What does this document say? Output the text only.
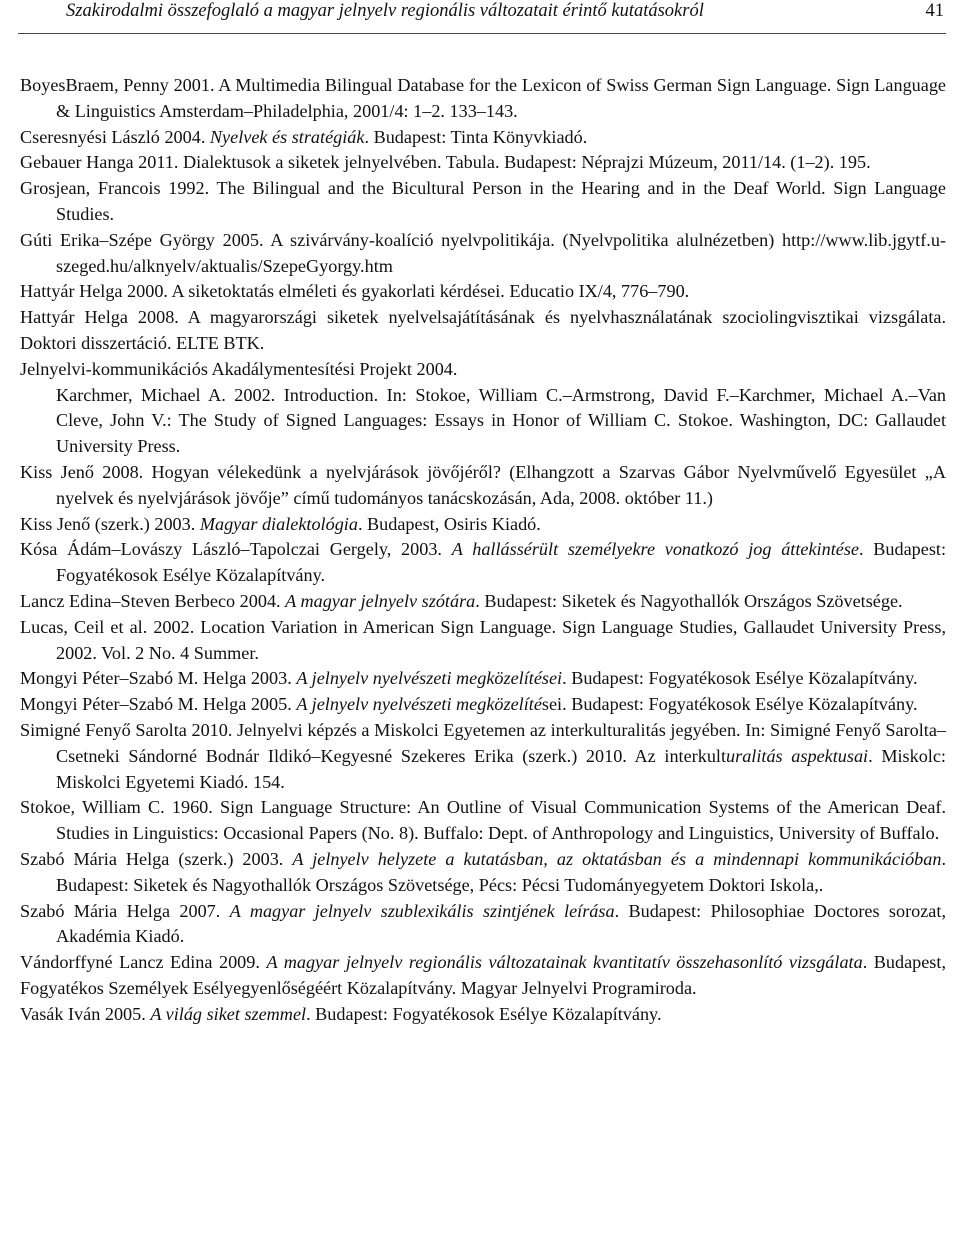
Szakirodalmi összefoglaló a magyar jelnyelv regionális változatait érintő kutatásokról	41
BoyesBraem, Penny 2001. A Multimedia Bilingual Database for the Lexicon of Swiss German Sign Language. Sign Language & Linguistics Amsterdam–Philadelphia, 2001/4: 1–2. 133–143.
Cseresnyési László 2004. Nyelvek és stratégiák. Budapest: Tinta Könyvkiadó.
Gebauer Hanga 2011. Dialektusok a siketek jelnyelvében. Tabula. Budapest: Néprajzi Múzeum, 2011/14. (1–2). 195.
Grosjean, Francois 1992. The Bilingual and the Bicultural Person in the Hearing and in the Deaf World. Sign Language Studies.
Gúti Erika–Szépe György 2005. A szivárvány-koalíció nyelvpolitikája. (Nyelvpolitika alulnézetben) http://www.lib.jgytf.u-szeged.hu/alknyelv/aktualis/SzepeGyorgy.htm
Hattyár Helga 2000. A siketoktatás elméleti és gyakorlati kérdései. Educatio IX/4, 776–790.
Hattyár Helga 2008. A magyarországi siketek nyelvelsajátításának és nyelvhasználatának szociolingvisztikai vizsgálata. Doktori disszertáció. ELTE BTK.
Jelnyelvi-kommunikációs Akadálymentesítési Projekt 2004.
Karchmer, Michael A. 2002. Introduction. In: Stokoe, William C.–Armstrong, David F.–Karchmer, Michael A.–Van Cleve, John V.: The Study of Signed Languages: Essays in Honor of William C. Stokoe. Washington, DC: Gallaudet University Press.
Kiss Jenő 2008. Hogyan vélekedünk a nyelvjárások jövőjéről? (Elhangzott a Szarvas Gábor Nyelvművelő Egyesület „A nyelvek és nyelvjárások jövője” című tudományos tanácskozásán, Ada, 2008. október 11.)
Kiss Jenő (szerk.) 2003. Magyar dialektológia. Budapest, Osiris Kiadó.
Kósa Ádám–Lovászy László–Tapolczai Gergely, 2003. A hallássérült személyekre vonatkozó jog áttekintése. Budapest: Fogyatékosok Esélye Közalapítvány.
Lancz Edina–Steven Berbeco 2004. A magyar jelnyelv szótára. Budapest: Siketek és Nagyothallók Országos Szövetsége.
Lucas, Ceil et al. 2002. Location Variation in American Sign Language. Sign Language Studies, Gallaudet University Press, 2002. Vol. 2 No. 4 Summer.
Mongyi Péter–Szabó M. Helga 2003. A jelnyelv nyelvészeti megközelítései. Budapest: Fogyatékosok Esélye Közalapítvány.
Mongyi Péter–Szabó M. Helga 2005. A jelnyelv nyelvészeti megközelítései. Budapest: Fogyatékosok Esélye Közalapítvány.
Simigné Fenyő Sarolta 2010. Jelnyelvi képzés a Miskolci Egyetemen az interkulturalitás jegyében. In: Simigné Fenyő Sarolta–Csetneki Sándorné Bodnár Ildikó–Kegyesné Szekeres Erika (szerk.) 2010. Az interkulturalitás aspektusai. Miskolc: Miskolci Egyetemi Kiadó. 154.
Stokoe, William C. 1960. Sign Language Structure: An Outline of Visual Communication Systems of the American Deaf. Studies in Linguistics: Occasional Papers (No. 8). Buffalo: Dept. of Anthropology and Linguistics, University of Buffalo.
Szabó Mária Helga (szerk.) 2003. A jelnyelv helyzete a kutatásban, az oktatásban és a mindennapi kommunikációban. Budapest: Siketek és Nagyothallók Országos Szövetsége, Pécs: Pécsi Tudományegyetem Doktori Iskola,.
Szabó Mária Helga 2007. A magyar jelnyelv szublexikális szintjének leírása. Budapest: Philosophiae Doctores sorozat, Akadémia Kiadó.
Vándorffyné Lancz Edina 2009. A magyar jelnyelv regionális változatainak kvantitatív összehasonlító vizsgálata. Budapest, Fogyatékos Személyek Esélyegyenlőségéért Közalapítvány. Magyar Jelnyelvi Programiroda.
Vasák Iván 2005. A világ siket szemmel. Budapest: Fogyatékosok Esélye Közalapítvány.
